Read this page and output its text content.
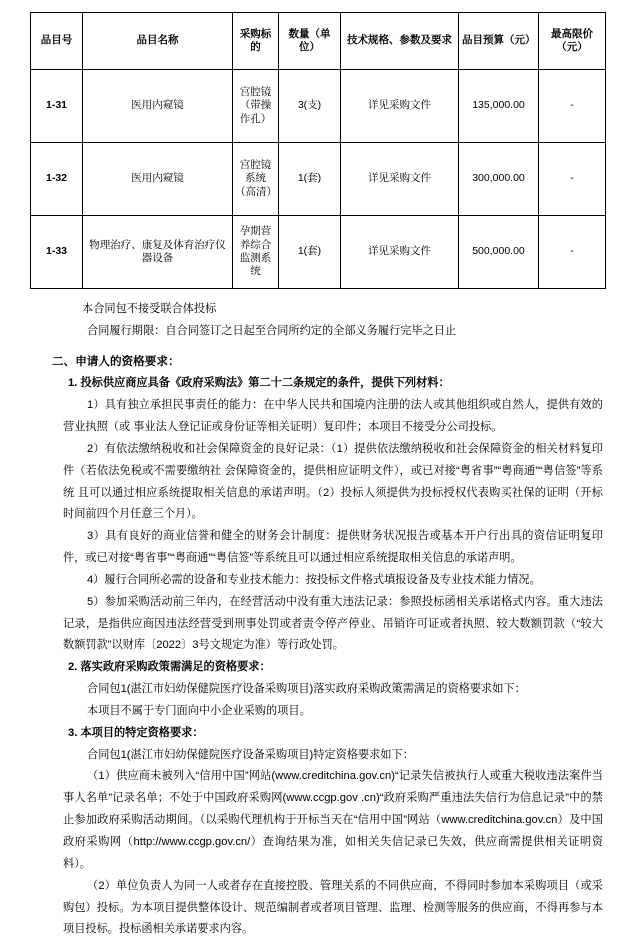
品目号	品目名称	采购标的	数量（单位）	技术规格、参数及要求	品目预算（元）	最高限价（元）
1-31	医用内窥镜	宫腔镜（带操作孔）	3(支)	详见采购文件	135,000.00	-
1-32	医用内窥镜	宫腔镜系统（高清）	1(套)	详见采购文件	300,000.00	-
1-33	物理治疗、康复及体育治疗仪器设备	孕期营养综合监测系统	1(套)	详见采购文件	500,000.00	-

本合同包不接受联合体投标

合同履行期限：自合同签订之日起至合同所约定的全部义务履行完毕之日止

二、申请人的资格要求：

1. 投标供应商应具备《政府采购法》第二十二条规定的条件，提供下列材料：

1）具有独立承担民事责任的能力：在中华人民共和国境内注册的法人或其他组织或自然人，提供有效的营业执照（或 事业法人登记证或身份证等相关证明）复印件；本项目不接受分公司投标。

2）有依法缴纳税收和社会保障资金的良好记录：（1）提供依法缴纳税收和社会保障资金的相关材料复印件（若依法免税或不需要缴纳社 会保障资金的，提供相应证明文件），或已对接“粤省事”“粤商通”“粤信签”等系统 且可以通过相应系统提取相关信息的承诺声明。（2）投标人须提供为投标授权代表购买社保的证明（开标时间前四个月任意三个月）。

3）具有良好的商业信誉和健全的财务会计制度：提供财务状况报告或基本开户行出具的资信证明复印件，或已对接“粤省事”“粤商通”“粤信签”等系统且可以通过相应系统提取相关信息的承诺声明。

4）履行合同所必需的设备和专业技术能力：按投标文件格式填报设备及专业技术能力情况。

5）参加采购活动前三年内，在经营活动中没有重大违法记录：参照投标函相关承诺格式内容。重大违法记录，是指供应商因违法经营受到刑事处罚或者责令停产停业、吊销许可证或者执照、较大数额罚款（“较大数额罚款”以财库〔2022〕3号文规定为准）等行政处罚。

2. 落实政府采购政策需满足的资格要求：

合同包1(湛江市妇幼保健院医疗设备采购项目)落实政府采购政策需满足的资格要求如下：

本项目不属于专门面向中小企业采购的项目。

3. 本项目的特定资格要求：

合同包1(湛江市妇幼保健院医疗设备采购项目)特定资格要求如下：

（1）供应商未被列入“信用中国”网站(www.creditchina.gov.cn)“记录失信被执行人或重大税收违法案件当事人名单”记录名单；不处于中国政府采购网(www.ccgp.gov .cn)“政府采购严重违法失信行为信息记录”中的禁止参加政府采购活动期间。（以采购代理机构于开标当天在“信用中国”网站（www.creditchina.gov.cn）及中国政府采购网（http://www.ccgp.gov.cn/）查询结果为准，如相关失信记录已失效，供应商需提供相关证明资料）。

（2）单位负责人为同一人或者存在直接控股、管理关系的不同供应商，不得同时参加本采购项目（或采购包）投标。为本项目提供整体设计、规范编制者或者项目管理、监理、检测等服务的供应商，不得再参与本项目投标。投标函相关承诺要求内容。
